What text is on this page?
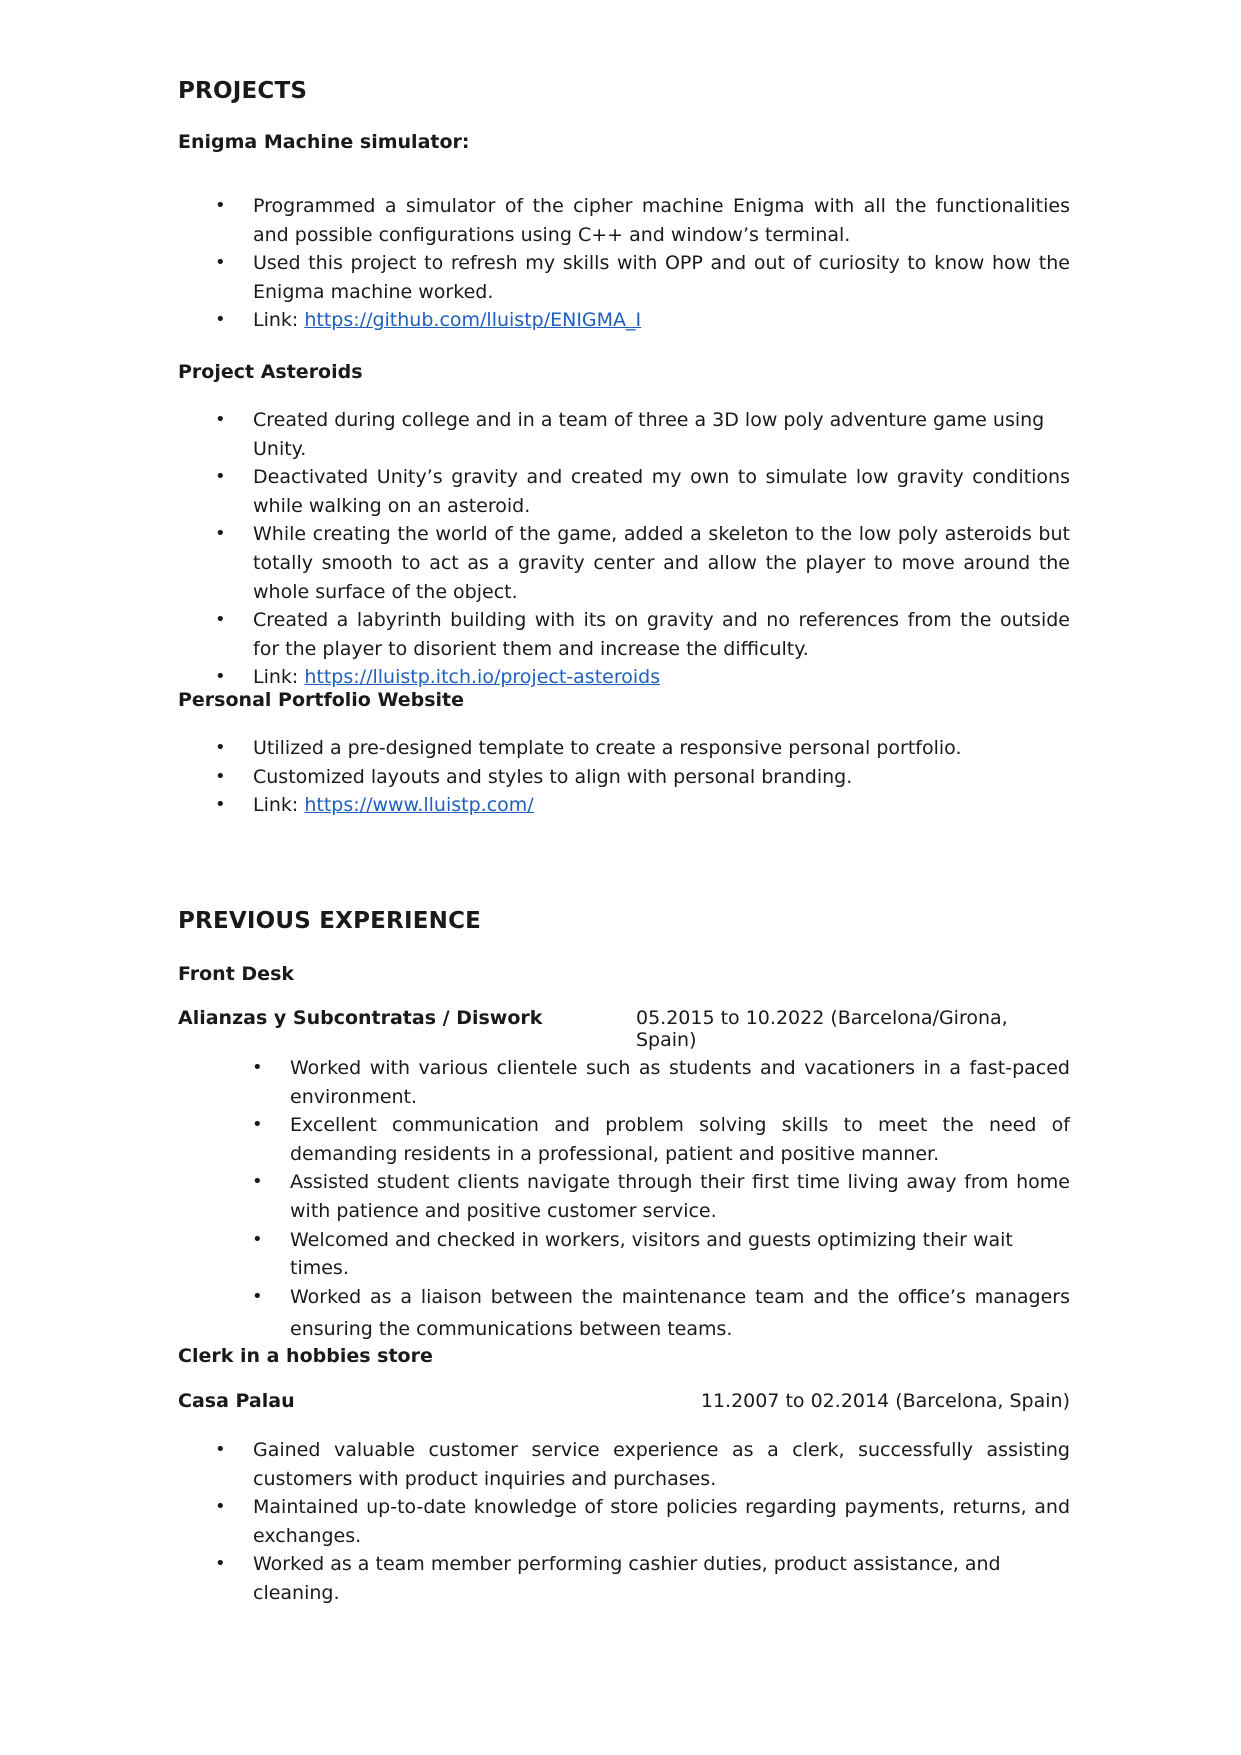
PROJECTS
Enigma Machine simulator:
• Programmed a simulator of the cipher machine Enigma with all the functionalities and possible configurations using C++ and window’s terminal.
• Used this project to refresh my skills with OPP and out of curiosity to know how the Enigma machine worked.
• Link: https://github.com/lluistp/ENIGMA_I
Project Asteroids
• Created during college and in a team of three a 3D low poly adventure game using Unity.
• Deactivated Unity’s gravity and created my own to simulate low gravity conditions while walking on an asteroid.
• While creating the world of the game, added a skeleton to the low poly asteroids but totally smooth to act as a gravity center and allow the player to move around the whole surface of the object.
• Created a labyrinth building with its on gravity and no references from the outside for the player to disorient them and increase the difficulty.
• Link: https://lluistp.itch.io/project-asteroids
Personal Portfolio Website
• Utilized a pre-designed template to create a responsive personal portfolio.
• Customized layouts and styles to align with personal branding.
• Link: https://www.lluistp.com/
PREVIOUS EXPERIENCE
Front Desk
Alianzas y Subcontratas / Diswork	05.2015 to 10.2022 (Barcelona/Girona, Spain)
• Worked with various clientele such as students and vacationers in a fast-paced environment.
• Excellent communication and problem solving skills to meet the need of demanding residents in a professional, patient and positive manner.
• Assisted student clients navigate through their first time living away from home with patience and positive customer service.
• Welcomed and checked in workers, visitors and guests optimizing their wait times.
• Worked as a liaison between the maintenance team and the office’s managers
ensuring the communications between teams.
Clerk in a hobbies store
Casa Palau	11.2007 to 02.2014 (Barcelona, Spain)
• Gained valuable customer service experience as a clerk, successfully assisting customers with product inquiries and purchases.
• Maintained up-to-date knowledge of store policies regarding payments, returns, and exchanges.
• Worked as a team member performing cashier duties, product assistance, and cleaning.
